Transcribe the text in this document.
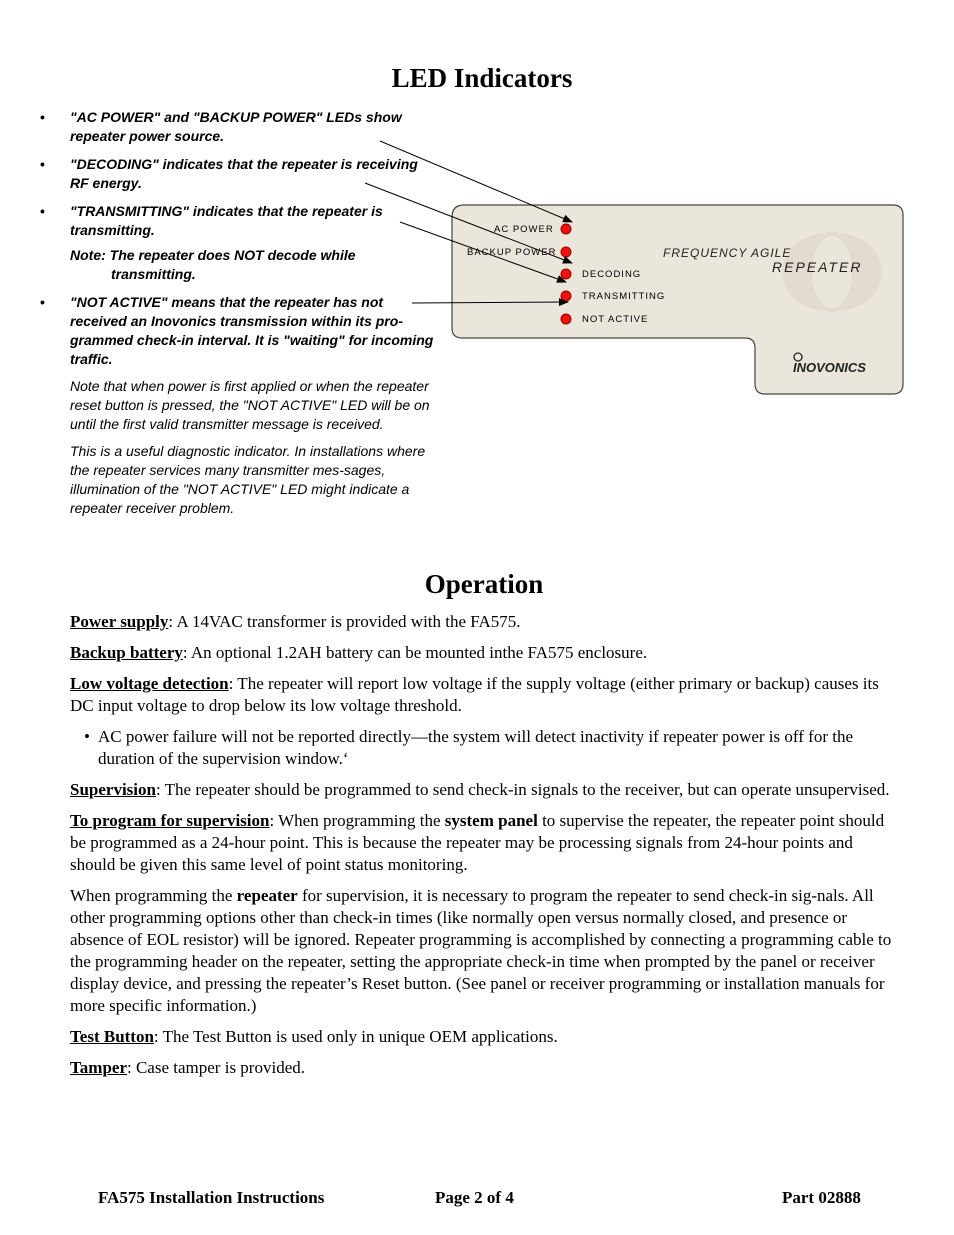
LED Indicators
• "AC POWER" and "BACKUP POWER" LEDs show repeater power source.
• "DECODING" indicates that the repeater is receiving RF energy.
• "TRANSMITTING" indicates that the repeater is transmitting.
Note: The repeater does NOT decode while
transmitting.
• "NOT ACTIVE" means that the repeater has not received an Inovonics transmission within its pro-grammed check-in interval. It is "waiting" for incoming traffic.
Note that when power is first applied or when the repeater reset button is pressed, the "NOT ACTIVE" LED will be on until the first valid transmitter message is received.
This is a useful diagnostic indicator. In installations where the repeater services many transmitter mes-sages, illumination of the "NOT ACTIVE" LED might indicate a repeater receiver problem.
AC POWER
BACKUP POWER
DECODING
TRANSMITTING
NOT ACTIVE
FREQUENCY AGILE
REPEATER
INOVONICS
Operation

Power supply: A 14VAC transformer is provided with the FA575.

Backup battery: An optional 1.2AH battery can be mounted inthe FA575 enclosure.

Low voltage detection: The repeater will report low voltage if the supply voltage (either primary or backup) causes its DC input voltage to drop below its low voltage threshold.

• AC power failure will not be reported directly—the system will detect inactivity if repeater power is off for the duration of the supervision window.‘

Supervision: The repeater should be programmed to send check-in signals to the receiver, but can operate unsupervised.

To program for supervision: When programming the system panel to supervise the repeater, the repeater point should be programmed as a 24-hour point. This is because the repeater may be processing signals from 24-hour points and should be given this same level of point status monitoring.

When programming the repeater for supervision, it is necessary to program the repeater to send check-in sig-nals. All other programming options other than check-in times (like normally open versus normally closed, and presence or absence of EOL resistor) will be ignored. Repeater programming is accomplished by connecting a programming cable to the programming header on the repeater, setting the appropriate check-in time when prompted by the panel or receiver display device, and pressing the repeater’s Reset button. (See panel or receiver programming or installation manuals for more specific information.)

Test Button: The Test Button is used only in unique OEM applications.

Tamper: Case tamper is provided.

FA575 Installation Instructions	Page 2 of 4	Part 02888
